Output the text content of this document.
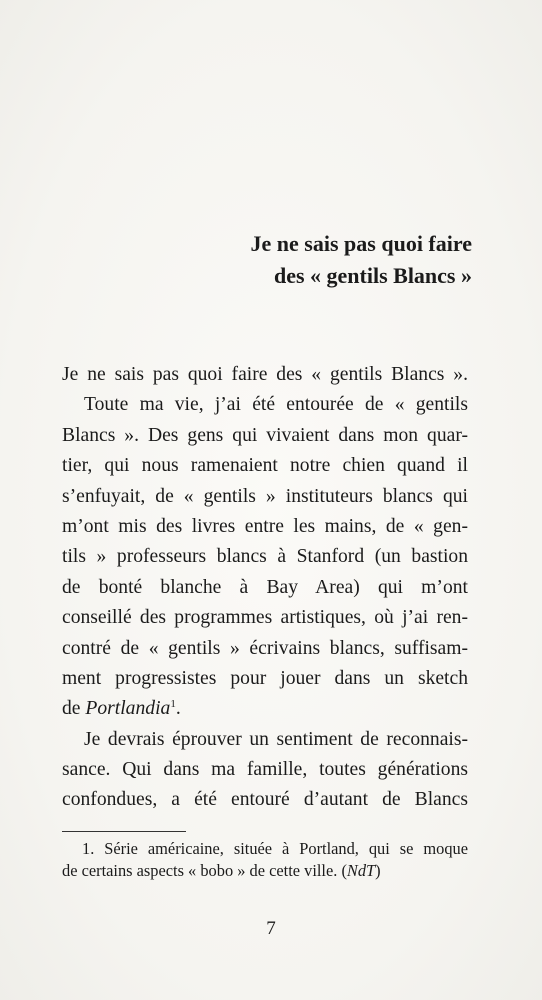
Je ne sais pas quoi faire
des « gentils Blancs »
Je ne sais pas quoi faire des « gentils Blancs ».
Toute ma vie, j’ai été entourée de « gentils
Blancs ». Des gens qui vivaient dans mon quar-
tier, qui nous ramenaient notre chien quand il
s’enfuyait, de « gentils » instituteurs blancs qui
m’ont mis des livres entre les mains, de « gen-
tils » professeurs blancs à Stanford (un bastion
de bonté blanche à Bay Area) qui m’ont
conseillé des programmes artistiques, où j’ai ren-
contré de « gentils » écrivains blancs, suffisam-
ment progressistes pour jouer dans un sketch
de Portlandia$^1$.
Je devrais éprouver un sentiment de reconnais-
sance. Qui dans ma famille, toutes générations
confondues, a été entouré d’autant de Blancs
1. Série américaine, située à Portland, qui se moque
de certains aspects « bobo » de cette ville. (NdT)
7
